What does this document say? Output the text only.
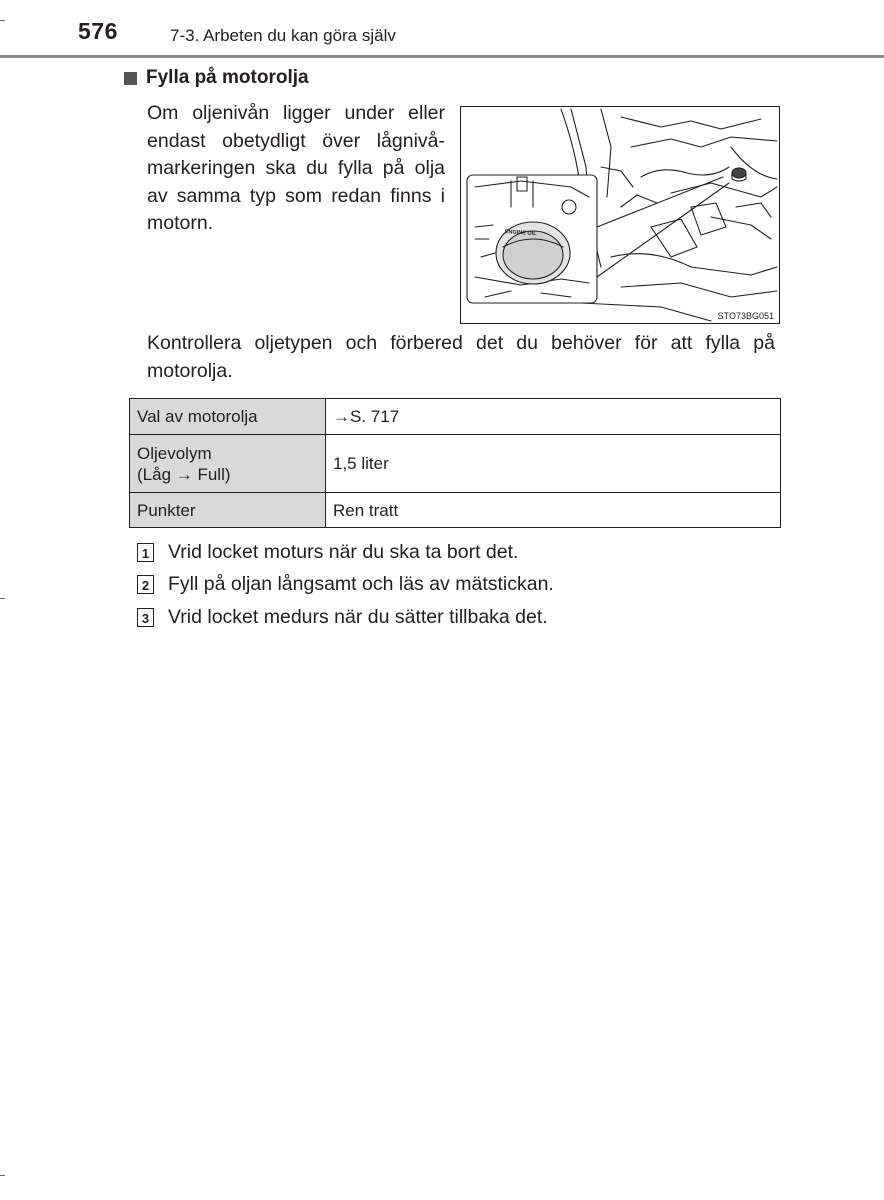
576	7-3. Arbeten du kan göra själv
Fylla på motorolja

Om oljenivån ligger under eller endast obetydligt över lågnivå-markeringen ska du fylla på olja av samma typ som redan finns i motorn.

STO73BG051
ENGINE OIL

Kontrollera oljetypen och förbered det du behöver för att fylla på motorolja.

Val av motorolja	→S. 717
Oljevolym
(Låg → Full)	1,5 liter
Punkter	Ren tratt
1 Vrid locket moturs när du ska ta bort det.
2 Fyll på oljan långsamt och läs av mätstickan.
3 Vrid locket medurs när du sätter tillbaka det.
